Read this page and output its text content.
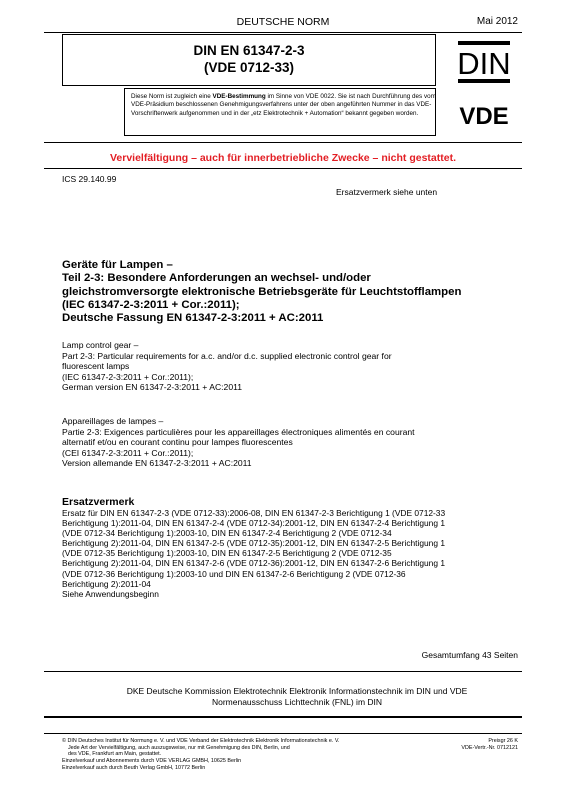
DEUTSCHE NORM	Mai 2012
DIN EN 61347-2-3
(VDE 0712-33)	DIN
Diese Norm ist zugleich eine VDE-Bestimmung im Sinne von VDE 0022. Sie ist nach Durchführung des vom VDE-Präsidium beschlossenen Genehmigungsverfahrens unter der oben angeführten Nummer in das VDE-Vorschriftenwerk aufgenommen und in der „etz Elektrotechnik + Automation“ bekannt gegeben worden.	VDE
Vervielfältigung – auch für innerbetriebliche Zwecke – nicht gestattet.
ICS 29.140.99
Ersatzvermerk siehe unten
Geräte für Lampen –
Teil 2-3: Besondere Anforderungen an wechsel- und/oder
gleichstromversorgte elektronische Betriebsgeräte für Leuchtstofflampen
(IEC 61347-2-3:2011 + Cor.:2011);
Deutsche Fassung EN 61347-2-3:2011 + AC:2011
Lamp control gear –
Part 2-3: Particular requirements for a.c. and/or d.c. supplied electronic control gear for
fluorescent lamps
(IEC 61347-2-3:2011 + Cor.:2011);
German version EN 61347-2-3:2011 + AC:2011
Appareillages de lampes –
Partie 2-3: Exigences particulières pour les appareillages électroniques alimentés en courant
alternatif et/ou en courant continu pour lampes fluorescentes
(CEI 61347-2-3:2011 + Cor.:2011);
Version allemande EN 61347-2-3:2011 + AC:2011
Ersatzvermerk
Ersatz für DIN EN 61347-2-3 (VDE 0712-33):2006-08, DIN EN 61347-2-3 Berichtigung 1 (VDE 0712-33
Berichtigung 1):2011-04, DIN EN 61347-2-4 (VDE 0712-34):2001-12, DIN EN 61347-2-4 Berichtigung 1
(VDE 0712-34 Berichtigung 1):2003-10, DIN EN 61347-2-4 Berichtigung 2 (VDE 0712-34
Berichtigung 2):2011-04, DIN EN 61347-2-5 (VDE 0712-35):2001-12, DIN EN 61347-2-5 Berichtigung 1
(VDE 0712-35 Berichtigung 1):2003-10, DIN EN 61347-2-5 Berichtigung 2 (VDE 0712-35
Berichtigung 2):2011-04, DIN EN 61347-2-6 (VDE 0712-36):2001-12, DIN EN 61347-2-6 Berichtigung 1
(VDE 0712-36 Berichtigung 1):2003-10 und DIN EN 61347-2-6 Berichtigung 2 (VDE 0712-36
Berichtigung 2):2011-04
Siehe Anwendungsbeginn
Gesamtumfang 43 Seiten
DKE Deutsche Kommission Elektrotechnik Elektronik Informationstechnik im DIN und VDE
Normenausschuss Lichttechnik (FNL) im DIN
© DIN Deutsches Institut für Normung e. V. und VDE Verband der Elektrotechnik Elektronik Informationstechnik e. V.
Jede Art der Vervielfältigung, auch auszugsweise, nur mit Genehmigung des DIN, Berlin, und
des VDE, Frankfurt am Main, gestattet.
Einzelverkauf und Abonnements durch VDE VERLAG GMBH, 10625 Berlin
Einzelverkauf auch durch Beuth Verlag GmbH, 10772 Berlin
Preisgr 26 K
VDE-Vertr.-Nr. 0712121
